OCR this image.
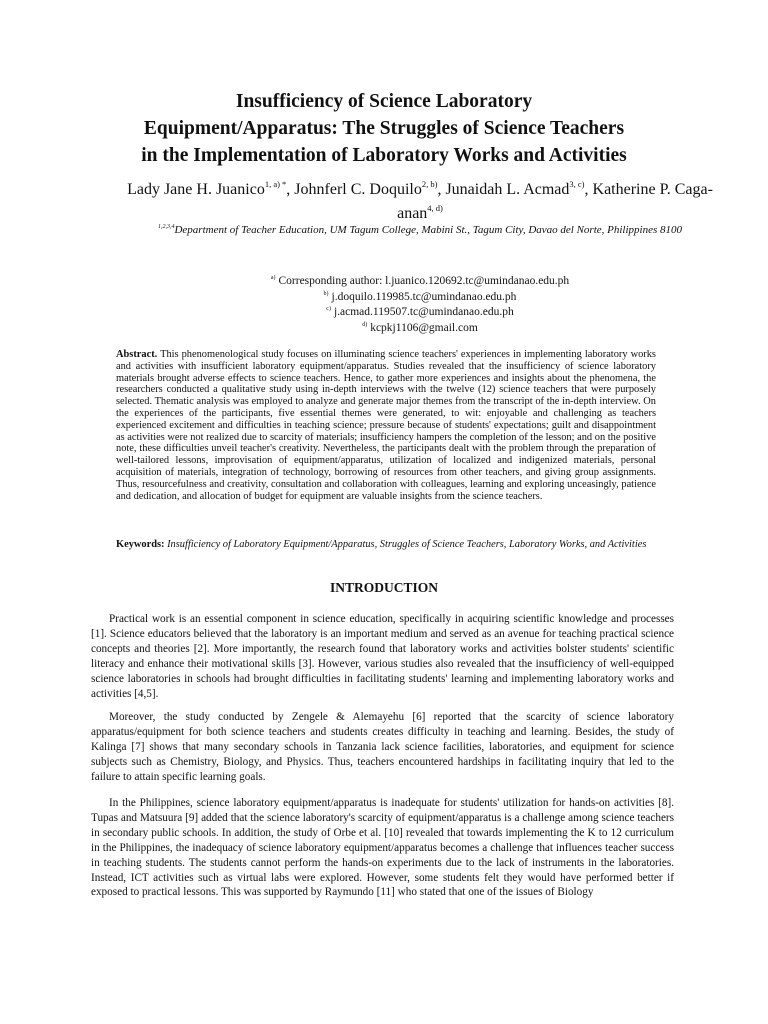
Insufficiency of Science Laboratory
Equipment/Apparatus: The Struggles of Science Teachers
in the Implementation of Laboratory Works and Activities
Lady Jane H. Juanico$^{1, a) *}$, Johnferl C. Doquilo$^{2, b)}$, Junaidah L. Acmad$^{3, c)}$, Katherine P. Caga-anan$^{4, d)}$
$^{1,2,3,4}$Department of Teacher Education, UM Tagum College, Mabini St., Tagum City, Davao del Norte, Philippines 8100
$^{a)}$ Corresponding author: l.juanico.120692.tc@umindanao.edu.ph
$^{b)}$ j.doquilo.119985.tc@umindanao.edu.ph
$^{c)}$ j.acmad.119507.tc@umindanao.edu.ph
$^{d)}$ kcpkj1106@gmail.com
Abstract. This phenomenological study focuses on illuminating science teachers' experiences in implementing laboratory works and activities with insufficient laboratory equipment/apparatus. Studies revealed that the insufficiency of science laboratory materials brought adverse effects to science teachers. Hence, to gather more experiences and insights about the phenomena, the researchers conducted a qualitative study using in-depth interviews with the twelve (12) science teachers that were purposely selected. Thematic analysis was employed to analyze and generate major themes from the transcript of the in-depth interview. On the experiences of the participants, five essential themes were generated, to wit: enjoyable and challenging as teachers experienced excitement and difficulties in teaching science; pressure because of students' expectations; guilt and disappointment as activities were not realized due to scarcity of materials; insufficiency hampers the completion of the lesson; and on the positive note, these difficulties unveil teacher's creativity. Nevertheless, the participants dealt with the problem through the preparation of well-tailored lessons, improvisation of equipment/apparatus, utilization of localized and indigenized materials, personal acquisition of materials, integration of technology, borrowing of resources from other teachers, and giving group assignments. Thus, resourcefulness and creativity, consultation and collaboration with colleagues, learning and exploring unceasingly, patience and dedication, and allocation of budget for equipment are valuable insights from the science teachers.
Keywords: Insufficiency of Laboratory Equipment/Apparatus, Struggles of Science Teachers, Laboratory Works, and Activities
INTRODUCTION
Practical work is an essential component in science education, specifically in acquiring scientific knowledge and processes [1]. Science educators believed that the laboratory is an important medium and served as an avenue for teaching practical science concepts and theories [2]. More importantly, the research found that laboratory works and activities bolster students' scientific literacy and enhance their motivational skills [3]. However, various studies also revealed that the insufficiency of well-equipped science laboratories in schools had brought difficulties in facilitating students' learning and implementing laboratory works and activities [4,5].
Moreover, the study conducted by Zengele & Alemayehu [6] reported that the scarcity of science laboratory apparatus/equipment for both science teachers and students creates difficulty in teaching and learning. Besides, the study of Kalinga [7] shows that many secondary schools in Tanzania lack science facilities, laboratories, and equipment for science subjects such as Chemistry, Biology, and Physics. Thus, teachers encountered hardships in facilitating inquiry that led to the failure to attain specific learning goals.
In the Philippines, science laboratory equipment/apparatus is inadequate for students' utilization for hands-on activities [8]. Tupas and Matsuura [9] added that the science laboratory's scarcity of equipment/apparatus is a challenge among science teachers in secondary public schools. In addition, the study of Orbe et al. [10] revealed that towards implementing the K to 12 curriculum in the Philippines, the inadequacy of science laboratory equipment/apparatus becomes a challenge that influences teacher success in teaching students. The students cannot perform the hands-on experiments due to the lack of instruments in the laboratories. Instead, ICT activities such as virtual labs were explored. However, some students felt they would have performed better if exposed to practical lessons. This was supported by Raymundo [11] who stated that one of the issues of Biology
